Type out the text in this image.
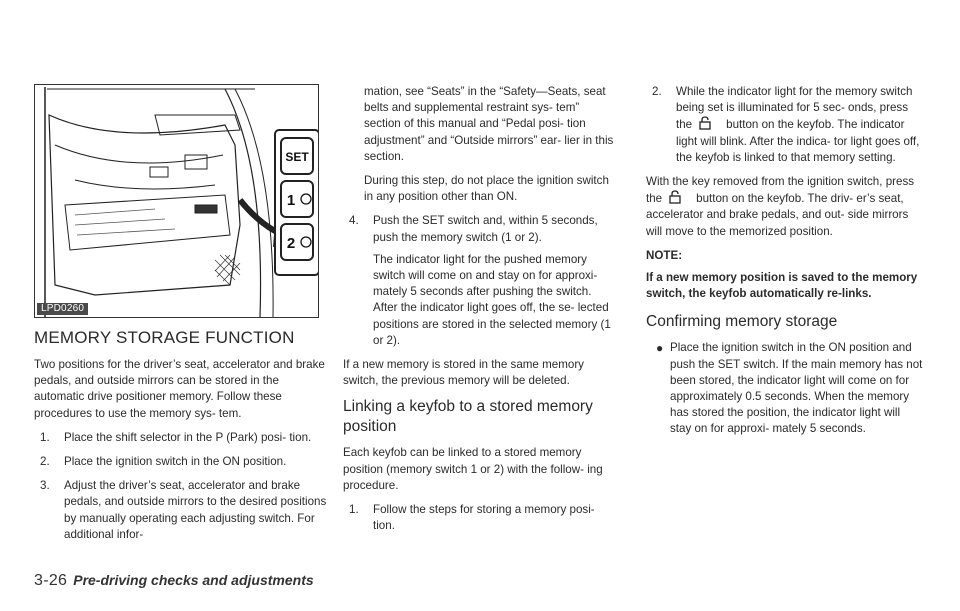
SET
1
2
LPD0260
MEMORY STORAGE FUNCTION

Two positions for the driver’s seat, accelerator and brake pedals, and outside mirrors can be stored in the automatic drive positioner memory. Follow these procedures to use the memory sys- tem.

1. Place the shift selector in the P (Park) posi- tion.
2. Place the ignition switch in the ON position.
3. Adjust the driver’s seat, accelerator and brake pedals, and outside mirrors to the desired positions by manually operating each adjusting switch. For additional infor-

mation, see “Seats” in the “Safety—Seats, seat belts and supplemental restraint sys- tem” section of this manual and “Pedal posi- tion adjustment” and “Outside mirrors” ear- lier in this section.

During this step, do not place the ignition switch in any position other than ON.

4. Push the SET switch and, within 5 seconds, push the memory switch (1 or 2).

The indicator light for the pushed memory switch will come on and stay on for approxi- mately 5 seconds after pushing the switch. After the indicator light goes off, the se- lected positions are stored in the selected memory (1 or 2).

If a new memory is stored in the same memory switch, the previous memory will be deleted.

Linking a keyfob to a stored memory position

Each keyfob can be linked to a stored memory position (memory switch 1 or 2) with the follow- ing procedure.

1. Follow the steps for storing a memory posi- tion.
2. While the indicator light for the memory switch being set is illuminated for 5 sec- onds, press the	button on the keyfob. The indicator light will blink. After the indica- tor light goes off, the keyfob is linked to that memory setting.

With the key removed from the ignition switch, press the	button on the keyfob. The driv- er’s seat, accelerator and brake pedals, and out- side mirrors will move to the memorized position.

NOTE:
If a new memory position is saved to the memory switch, the keyfob automatically re-links.
Confirming memory storage
● Place the ignition switch in the ON position and push the SET switch. If the main memory has not been stored, the indicator light will come on for approximately 0.5 seconds. When the memory has stored the position, the indicator light will stay on for approxi- mately 5 seconds.
3-26 Pre-driving checks and adjustments
